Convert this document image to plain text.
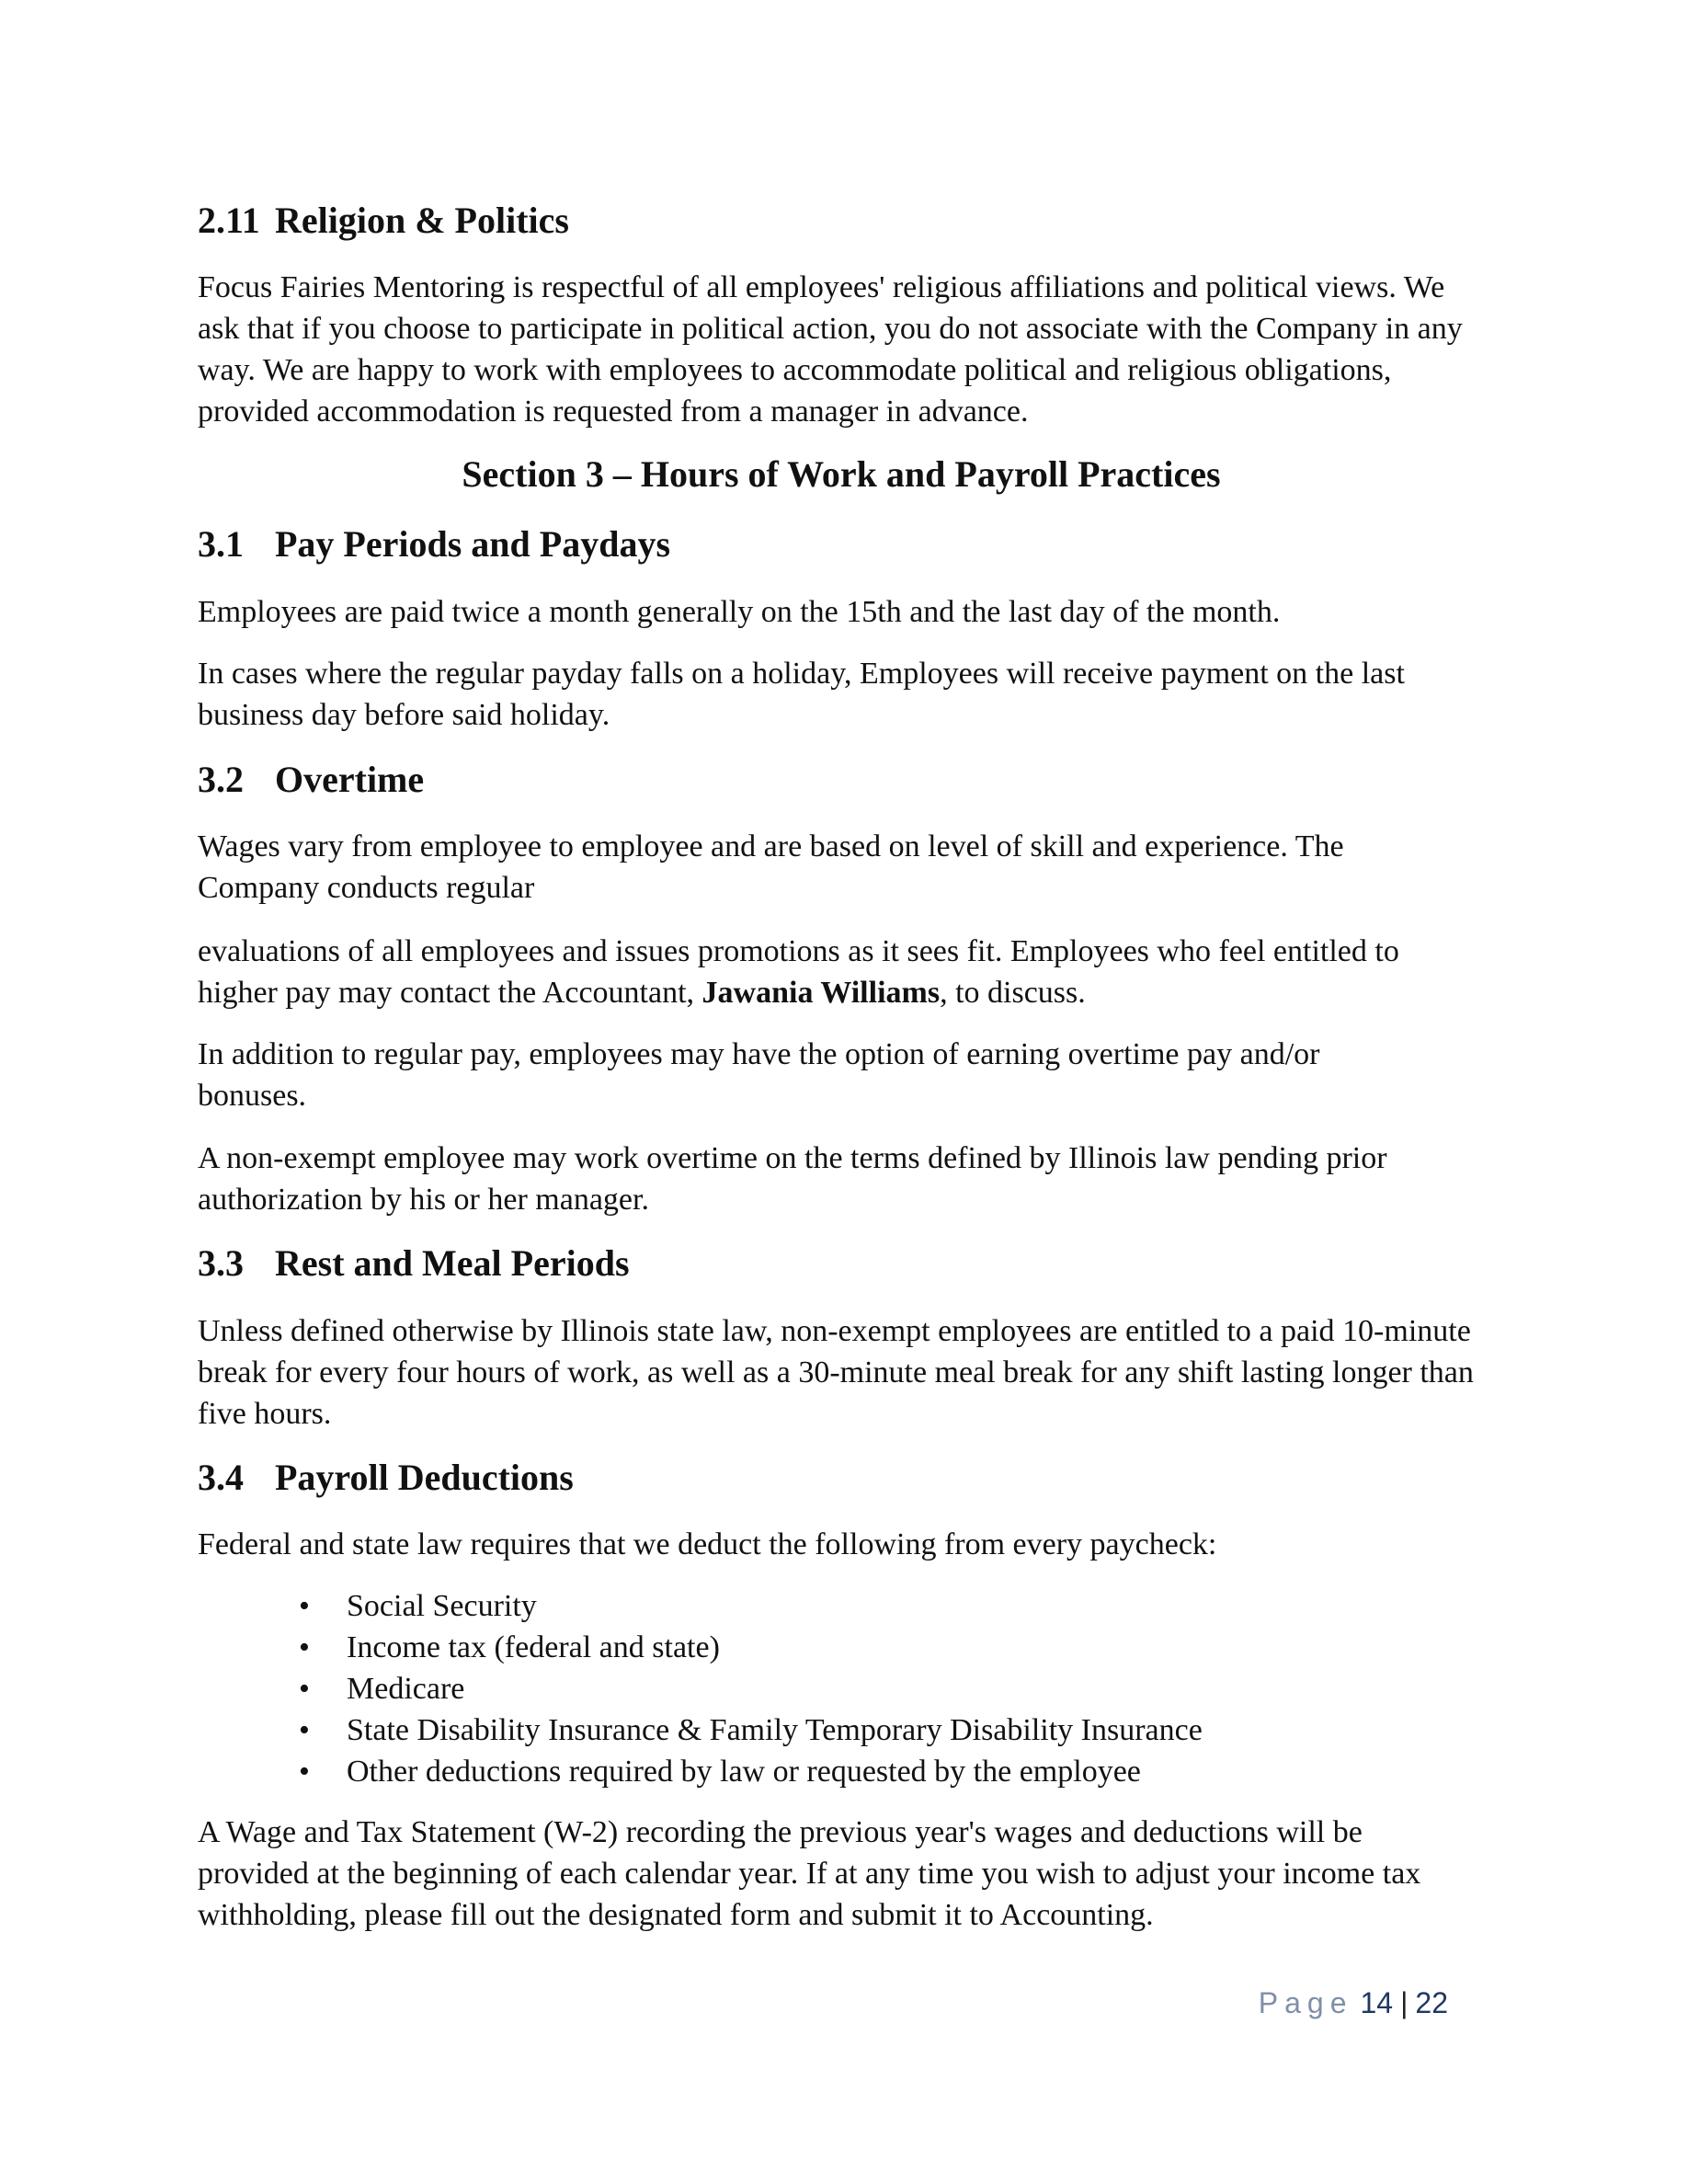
2.11 Religion & Politics

Focus Fairies Mentoring is respectful of all employees' religious affiliations and political views. We ask that if you choose to participate in political action, you do not associate with the Company in any way. We are happy to work with employees to accommodate political and religious obligations, provided accommodation is requested from a manager in advance.

Section 3 – Hours of Work and Payroll Practices
3.1 Pay Periods and Paydays

Employees are paid twice a month generally on the 15th and the last day of the month.

In cases where the regular payday falls on a holiday, Employees will receive payment on the last business day before said holiday.

3.2 Overtime

Wages vary from employee to employee and are based on level of skill and experience. The Company conducts regular

evaluations of all employees and issues promotions as it sees fit. Employees who feel entitled to higher pay may contact the Accountant, Jawania Williams, to discuss.

In addition to regular pay, employees may have the option of earning overtime pay and/or bonuses.

A non-exempt employee may work overtime on the terms defined by Illinois law pending prior authorization by his or her manager.

3.3 Rest and Meal Periods

Unless defined otherwise by Illinois state law, non-exempt employees are entitled to a paid 10-minute break for every four hours of work, as well as a 30-minute meal break for any shift lasting longer than five hours.

3.4 Payroll Deductions

Federal and state law requires that we deduct the following from every paycheck:

• Social Security
• Income tax (federal and state)
• Medicare
• State Disability Insurance & Family Temporary Disability Insurance
• Other deductions required by law or requested by the employee

A Wage and Tax Statement (W-2) recording the previous year's wages and deductions will be provided at the beginning of each calendar year. If at any time you wish to adjust your income tax withholding, please fill out the designated form and submit it to Accounting.

Page 14 | 22
